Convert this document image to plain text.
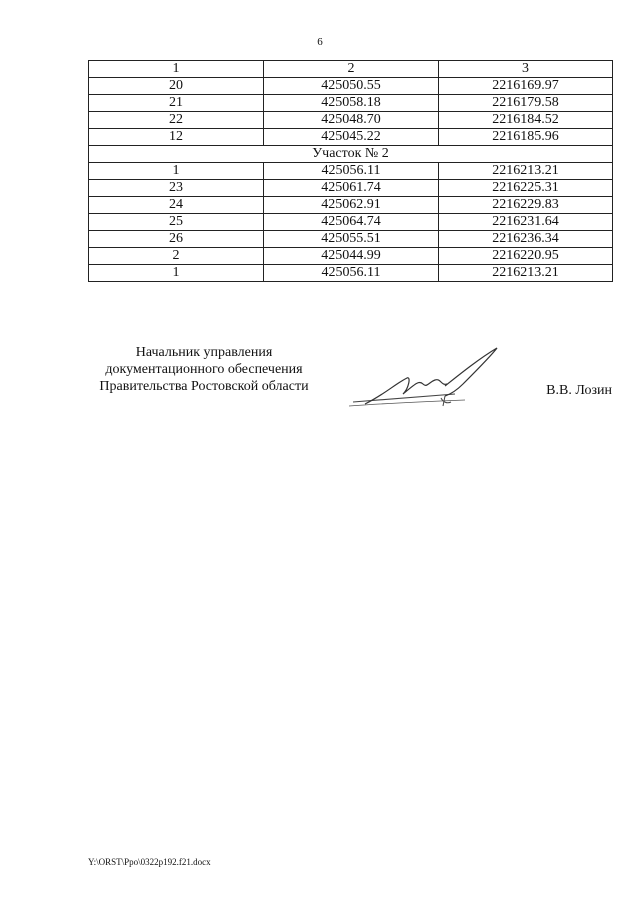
6
1	2	3
20	425050.55	2216169.97
21	425058.18	2216179.58
22	425048.70	2216184.52
12	425045.22	2216185.96
Участок № 2		
1	425056.11	2216213.21
23	425061.74	2216225.31
24	425062.91	2216229.83
25	425064.74	2216231.64
26	425055.51	2216236.34
2	425044.99	2216220.95
1	425056.11	2216213.21
Начальник управления
документационного обеспечения
Правительства Ростовской области	В.В. Лозин
Y:\ORST\Ppo\0322p192.f21.docx
